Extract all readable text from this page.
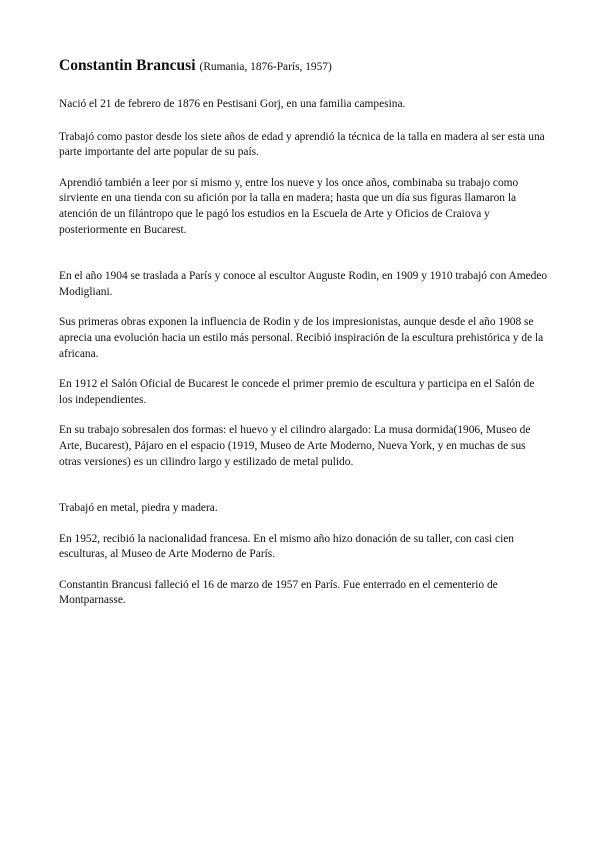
Constantin Brancusi (Rumania, 1876-París, 1957)

Nació el 21 de febrero de 1876 en Pestisani Gorj, en una familia campesina.

Trabajó como pastor desde los siete años de edad y aprendió la técnica de la talla en madera al ser esta una parte importante del arte popular de su país.

Aprendió también a leer por sí mismo y, entre los nueve y los once años, combinaba su trabajo como sirviente en una tienda con su afición por la talla en madera; hasta que un día sus figuras llamaron la atención de un filántropo que le pagó los estudios en la Escuela de Arte y Oficios de Craiova y posteriormente en Bucarest.

En el año 1904 se traslada a París y conoce al escultor Auguste Rodin, en 1909 y 1910 trabajó con Amedeo Modigliani.

Sus primeras obras exponen la influencia de Rodin y de los impresionistas, aunque desde el año 1908 se aprecia una evolución hacia un estilo más personal. Recibió inspiración de la escultura prehistórica y de la africana.

En 1912 el Salón Oficial de Bucarest le concede el primer premio de escultura y participa en el Salón de los independientes.

En su trabajo sobresalen dos formas: el huevo y el cilindro alargado: La musa dormida(1906, Museo de Arte, Bucarest), Pájaro en el espacio (1919, Museo de Arte Moderno, Nueva York, y en muchas de sus otras versiones) es un cilindro largo y estilizado de metal pulido.

Trabajó en metal, piedra y madera.

En 1952, recibió la nacionalidad francesa. En el mismo año hizo donación de su taller, con casi cien esculturas, al Museo de Arte Moderno de París.

Constantin Brancusi falleció el 16 de marzo de 1957 en París. Fue enterrado en el cementerio de Montparnasse.
